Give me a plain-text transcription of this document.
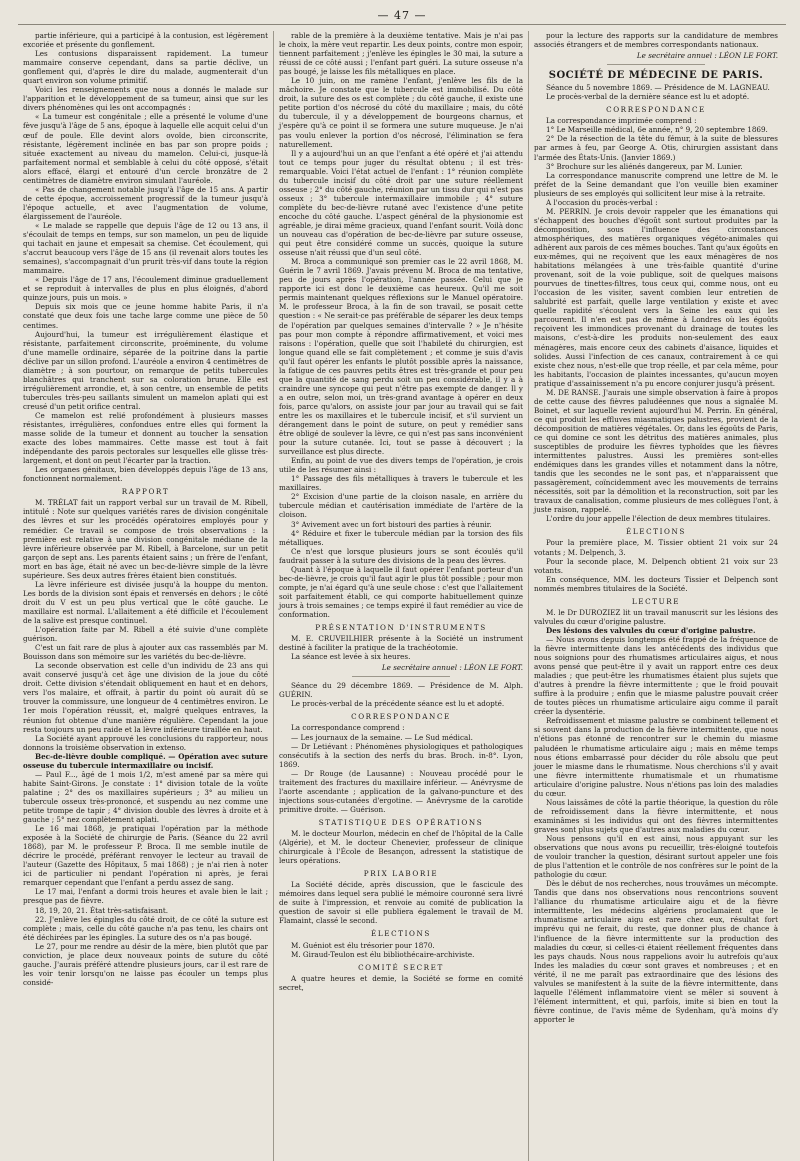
— 47 —

partie inférieure, qui a participé à la contusion, est légèrement excoriée et présente du gonflement.

Les contusions disparaissent rapidement. La tumeur mammaire conserve cependant, dans sa partie déclive, un gonflement qui, d'après le dire du malade, augmenterait d'un quart environ son volume primitif.

Voici les renseignements que nous a donnés le malade sur l'apparition et le développement de sa tumeur, ainsi que sur les divers phénomènes qui les ont accompagnés :

« La tumeur est congénitale ; elle a présenté le volume d'une fève jusqu'à l'âge de 5 ans, époque à laquelle elle acquit celui d'un œuf de poule. Elle devint alors ovoïde, bien circonscrite, résistante, légèrement inclinée en bas par son propre poids ; située exactement au niveau du mamelon. Celui-ci, jusque-là parfaitement normal et semblable à celui du côté opposé, s'était alors effacé, élargi et entouré d'un cercle bronzâtre de 2 centimètres de diamètre environ simulant l'auréole.

« Pas de changement notable jusqu'à l'âge de 15 ans. A partir de cette époque, accroissement progressif de la tumeur jusqu'à l'époque actuelle, et avec l'augmentation de volume, élargissement de l'auréole.

« Le malade se rappelle que depuis l'âge de 12 ou 13 ans, il s'écoulait de temps en temps, sur son mamelon, un peu de liquide qui tachait en jaune et empesait sa chemise. Cet écoulement, qui s'accrut beaucoup vers l'âge de 15 ans (il revenait alors toutes les semaines), s'accompagnait d'un prurit très-vif dans toute la région mammaire.

« Depuis l'âge de 17 ans, l'écoulement diminue graduellement et se reproduit à intervalles de plus en plus éloignés, d'abord quinze jours, puis un mois. »

Depuis six mois que ce jeune homme habite Paris, il n'a constaté que deux fois une tache large comme une pièce de 50 centimes.

Aujourd'hui, la tumeur est irrégulièrement élastique et résistante, parfaitement circonscrite, proéminente, du volume d'une mamelle ordinaire, séparée de la poitrine dans la partie déclive par un sillon profond. L'auréole a environ 4 centimètres de diamètre ; à son pourtour, on remarque de petits tubercules blanchâtres qui tranchent sur sa coloration brune. Elle est irrégulièrement arrondie, et, à son centre, un ensemble de petits tubercules très-peu saillants simulent un mamelon aplati qui est creusé d'un petit orifice central.

Ce mamelon est relié profondément à plusieurs masses résistantes, irrégulières, confondues entre elles qui forment la masse solide de la tumeur et donnent au toucher la sensation exacte des lobes mammaires. Cette masse est tout à fait indépendante des parois pectorales sur lesquelles elle glisse très-largement, et dont on peut l'écarter par la traction.

Les organes génitaux, bien développés depuis l'âge de 13 ans, fonctionnent normalement.

RAPPORT

M. TRÉLAT fait un rapport verbal sur un travail de M. Ribell, intitulé : Note sur quelques variétés rares de division congénitale des lèvres et sur les procédés opératoires employés pour y remédier. Ce travail se compose de trois observations : la première est relative à une division congénitale médiane de la lèvre inférieure observée par M. Ribell, à Barcelone, sur un petit garçon de sept ans. Les parents étaient sains ; un frère de l'enfant, mort en bas âge, était né avec un bec-de-lièvre simple de la lèvre supérieure. Ses deux autres frères étaient bien constitués.

La lèvre inférieure est divisée jusqu'à la houppe du menton. Les bords de la division sont épais et renversés en dehors ; le côté droit du V est un peu plus vertical que le côté gauche. Le maxillaire est normal. L'allaitement a été difficile et l'écoulement de la salive est presque continuel.

L'opération faite par M. Ribell a été suivie d'une complète guérison.

C'est un fait rare de plus à ajouter aux cas rassemblés par M. Bouisson dans son mémoire sur les variétés du bec-de-lièvre.

La seconde observation est celle d'un individu de 23 ans qui avait conservé jusqu'à cet âge une division de la joue du côté droit. Cette division s'étendait obliquement en haut et en dehors, vers l'os malaire, et offrait, à partir du point où aurait dû se trouver la commissure, une longueur de 4 centimètres environ. Le 1er mois l'opération réussit, et, malgré quelques entraves, la réunion fut obtenue d'une manière régulière. Cependant la joue resta toujours un peu raide et la lèvre inférieure tiraillée en haut.

La Société ayant approuvé les conclusions du rapporteur, nous donnons la troisième observation in extenso.

Bec-de-lièvre double compliqué. — Opération avec suture osseuse du tubercule intermaxillaire ou incisif.

— Paul F..., âgé de 1 mois 1/2, m'est amené par sa mère qui habite Saint-Girons. Je constate : 1° division totale de la voûte palatine ; 2° des os maxillaires supérieurs ; 3° au milieu un tubercule osseux très-prononcé, et suspendu au nez comme une petite trompe de tapir ; 4° division double des lèvres à droite et à gauche ; 5° nez complètement aplati.

Le 16 mai 1868, je pratiquai l'opération par la méthode exposée à la Société de chirurgie de Paris. (Séance du 22 avril 1868), par M. le professeur P. Broca. Il me semble inutile de décrire le procédé, préférant renvoyer le lecteur au travail de l'auteur (Gazette des Hôpitaux, 5 mai 1868) ; je n'ai rien à noter ici de particulier ni pendant l'opération ni après, je ferai remarquer cependant que l'enfant a perdu assez de sang.

Le 17 mai, l'enfant a dormi trois heures et avale bien le lait ; presque pas de fièvre.

18, 19, 20, 21. État très-satisfaisant.

22. J'enlève les épingles du côté droit, de ce côté la suture est complète ; mais, celle du côté gauche n'a pas tenu, les chairs ont été déchirées par les épingles. La suture des os n'a pas bougé.

Le 27, pour me rendre au désir de la mère, bien plutôt que par conviction, je place deux nouveaux points de suture du côté gauche. J'aurais préféré attendre plusieurs jours, car il est rare de les voir tenir lorsqu'on ne laisse pas écouler un temps plus considé-

rable de la première à la deuxième tentative. Mais je n'ai pas le choix, la mère veut repartir. Les deux points, contre mon espoir, tiennent parfaitement ; j'enlève les épingles le 30 mai, la suture a réussi de ce côté aussi ; l'enfant part guéri. La suture osseuse n'a pas bougé, je laisse les fils métalliques en place.

Le 10 juin, on me ramène l'enfant, j'enlève les fils de la mâchoire. Je constate que le tubercule est immobilisé. Du côté droit, la suture des os est complète ; du côté gauche, il existe une petite portion d'os nécrosé du côté du maxillaire ; mais, du côté du tubercule, il y a développement de bourgeons charnus, et j'espère qu'à ce point il se formera une suture muqueuse. Je n'ai pas voulu enlever la portion d'os nécrosé, l'élimination se fera naturellement.

Il y a aujourd'hui un an que l'enfant a été opéré et j'ai attendu tout ce temps pour juger du résultat obtenu ; il est très-remarquable. Voici l'état actuel de l'enfant : 1° réunion complète du tubercule incisif du côté droit par une suture réellement osseuse ; 2° du côté gauche, réunion par un tissu dur qui n'est pas osseux ; 3° tubercule intermaxillaire immobile ; 4° suture complète du bec-de-lièvre rutané avec l'existence d'une petite encoche du côté gauche. L'aspect général de la physionomie est agréable, je dirai même gracieux, quand l'enfant sourit. Voilà donc un nouveau cas d'opération de bec-de-lièvre par suture osseuse, qui peut être considéré comme un succès, quoique la suture osseuse n'ait réussi que d'un seul côté.

M. Broca a communiqué son premier cas le 22 avril 1868, M. Guérin le 7 avril 1869. J'avais prévenu M. Broca de ma tentative, peu de jours après l'opération, l'année passée. Celui que je rapporte ici est donc le deuxième cas heureux. Qu'il me soit permis maintenant quelques réflexions sur le Manuel opératoire. M. le professeur Broca, à la fin de son travail, se posait cette question : « Ne serait-ce pas préférable de séparer les deux temps de l'opération par quelques semaines d'intervalle ? » Je n'hésite pas pour mon compte à répondre affirmativement, et voici mes raisons : l'opération, quelle que soit l'habileté du chirurgien, est longue quand elle se fait complètement ; et comme je suis d'avis qu'il faut opérer les enfants le plutôt possible après la naissance, la fatigue de ces pauvres petits êtres est très-grande et pour peu que la quantité de sang perdu soit un peu considérable, il y a à craindre une syncope qui peut n'être pas exempte de danger. Il y a en outre, selon moi, un très-grand avantage à opérer en deux fois, parce qu'alors, on assiste jour par jour au travail qui se fait entre les os maxillaires et le tubercule incisif, et s'il survient un dérangement dans le point de suture, on peut y remédier sans être obligé de soulever la lèvre, ce qui n'est pas sans inconvénient pour la suture cutanée. Ici, tout se passe à découvert ; la surveillance est plus directe.

Enfin, au point de vue des divers temps de l'opération, je crois utile de les résumer ainsi :

1° Passage des fils métalliques à travers le tubercule et les maxillaires.

2° Excision d'une partie de la cloison nasale, en arrière du tubercule médian et cautérisation immédiate de l'artère de la cloison.

3° Avivement avec un fort bistouri des parties à réunir.

4° Réduire et fixer le tubercule médian par la torsion des fils métalliques.

Ce n'est que lorsque plusieurs jours se sont écoulés qu'il faudrait passer à la suture des divisions de la peau des lèvres.

Quant à l'époque à laquelle il faut opérer l'enfant porteur d'un bec-de-lièvre, je crois qu'il faut agir le plus tôt possible ; pour mon compte, je n'ai égard qu'à une seule chose : c'est que l'allaitement soit parfaitement établi, ce qui comporte habituellement quinze jours à trois semaines ; ce temps expiré il faut remédier au vice de conformation.

PRÉSENTATION D'INSTRUMENTS

M. E. CRUVEILHIER présente à la Société un instrument destiné à faciliter la pratique de la trachéotomie.

La séance est levée à six heures.

Le secrétaire annuel : LÉON LE FORT.

Séance du 29 décembre 1869. — Présidence de M. Alph. GUÉRIN.

Le procès-verbal de la précédente séance est lu et adopté.

CORRESPONDANCE

La correspondance comprend :

— Les journaux de la semaine. — Le Sud médical.

— Dr Letiévant : Phénomènes physiologiques et pathologiques consécutifs à la section des nerfs du bras. Broch. in-8°. Lyon, 1869.

— Dr Rouge (de Lausanne) : Nouveau procédé pour le traitement des fractures du maxillaire inférieur. — Anévrysme de l'aorte ascendante ; application de la galvano-puncture et des injections sous-cutanées d'ergotine. — Anévrysme de la carotide primitive droite. — Guérison.

STATISTIQUE DES OPÉRATIONS

M. le docteur Mourlon, médecin en chef de l'hôpital de la Calle (Algérie), et M. le docteur Chenevier, professeur de clinique chirurgicale à l'École de Besançon, adressent la statistique de leurs opérations.

PRIX LABORIE

La Société décide, après discussion, que le fascicule des mémoires dans lequel sera publié le mémoire couronné sera livré de suite à l'impression, et renvoie au comité de publication la question de savoir si elle publiera également le travail de M. Flamaint, classé le second.

ÉLECTIONS

M. Guéniot est élu trésorier pour 1870.

M. Giraud-Teulon est élu bibliothécaire-archiviste.

COMITÉ SECRET

A quatre heures et demie, la Société se forme en comité secret,

pour la lecture des rapports sur la candidature de membres associés étrangers et de membres correspondants nationaux.

Le secrétaire annuel : LÉON LE FORT.

SOCIÉTÉ DE MÉDECINE DE PARIS.

Séance du 5 novembre 1869. — Présidence de M. LAGNEAU.

Le procès-verbal de la dernière séance est lu et adopté.

CORRESPONDANCE

La correspondance imprimée comprend :

1° Le Marseille médical, 6e année, n° 9, 20 septembre 1869.

2° De la résection de la tête du fémur, à la suite de blessures par armes à feu, par George A. Otis, chirurgien assistant dans l'armée des États-Unis. (Janvier 1869.)

3° Brochure sur les aliénés dangereux, par M. Lunier.

La correspondance manuscrite comprend une lettre de M. le préfet de la Seine demandant que l'on veuille bien examiner plusieurs de ses employés qui sollicitent leur mise à la retraite.

A l'occasion du procès-verbal :

M. PERRIN. Je crois devoir rappeler que les émanations qui s'échappent des bouches d'égoût sont surtout produites par la décomposition, sous l'influence des circonstances atmosphériques, des matières organiques végéto-animales qui adhèrent aux parois de ces mêmes bouches. Tant qu'aux égoûts en eux-mêmes, qui ne reçoivent que les eaux ménagères de nos habitations mélangées à une très-faible quantité d'urine provenant, soit de la voie publique, soit de quelques maisons pourvues de tinettes-filtres, tous ceux qui, comme nous, ont eu l'occasion de les visiter, savent combien leur entretien de salubrité est parfait, quelle large ventilation y existe et avec quelle rapidité s'écoulent vers la Seine les eaux qui les parcourent. Il n'en est pas de même à Londres où les égoûts reçoivent les immondices provenant du drainage de toutes les maisons, c'est-à-dire les produits non-seulement des eaux ménagères, mais encore ceux des cabinets d'aisance, liquides et solides. Aussi l'infection de ces canaux, contrairement à ce qui existe chez nous, n'est-elle que trop réelle, et par cela même, pour les habitants, l'occasion de plaintes incessantes, qu'aucun moyen pratique d'assainissement n'a pu encore conjurer jusqu'à présent.

M. DE RANSE. J'aurais une simple observation à faire à propos de cette cause des fièvres paludéennes que nous a signalée M. Boinet, et sur laquelle revient aujourd'hui M. Perrin. En général, ce qui produit les effluves miasmatiques palustres, provient de la décomposition de matières végétales. Or, dans les égoûts de Paris, ce qui domine ce sont les détritus des matières animales, plus susceptibles de produire les fièvres typhoïdes que les fièvres intermittentes palustres. Aussi les premières sont-elles endémiques dans les grandes villes et notamment dans la nôtre, tandis que les secondes ne le sont pas, et n'apparaissent que passagèrement, coïncidemment avec les mouvements de terrains nécessités, soit par la démolition et la reconstruction, soit par les travaux de canalisation, comme plusieurs de mes collègues l'ont, à juste raison, rappelé.

L'ordre du jour appelle l'élection de deux membres titulaires.

ÉLECTIONS

Pour la première place, M. Tissier obtient 21 voix sur 24 votants ; M. Delpench, 3.

Pour la seconde place, M. Delpench obtient 21 voix sur 23 votants.

En conséquence, MM. les docteurs Tissier et Delpench sont nommés membres titulaires de la Société.

LECTURE

M. le Dr DUROZIEZ lit un travail manuscrit sur les lésions des valvules du cœur d'origine palustre.

Des lésions des valvules du cœur d'origine palustre.

— Nous avons depuis longtemps été frappé de la fréquence de la fièvre intermittente dans les antécédents des individus que nous soignions pour des rhumatismes articulaires aigus, et nous avons pensé que peut-être il y avait un rapport entre ces deux maladies ; que peut-être les rhumatismes étaient plus sujets que d'autres à prendre la fièvre intermittente ; que le froid pouvait suffire à la produire ; enfin que le miasme palustre pouvait créer de toutes pièces un rhumatisme articulaire aigu comme il paraît créer la dysentérie.

Refroidissement et miasme palustre se combinent tellement et si souvent dans la production de la fièvre intermittente, que nous n'étions pas étonné de rencontrer sur le chemin du miasme paludéen le rhumatisme articulaire aigu ; mais en même temps nous étions embarrassé pour décider du rôle absolu que peut jouer le miasme dans le rhumatisme. Nous cherchions s'il y avait une fièvre intermittente rhumatismale et un rhumatisme articulaire d'origine palustre. Nous n'étions pas loin des maladies du cœur.

Nous laissâmes de côté la partie théorique, la question du rôle de refroidissement dans la fièvre intermittente, et nous examinâmes si les individus qui ont des fièvres intermittentes graves sont plus sujets que d'autres aux maladies du cœur.

Nous pensons qu'il en est ainsi, nous appuyant sur les observations que nous avons pu recueillir, très-éloigné toutefois de vouloir trancher la question, désirant surtout appeler une fois de plus l'attention et le contrôle de nos confrères sur le point de la pathologie du cœur.

Dès le début de nos recherches, nous trouvâmes un mécompte. Tandis que dans nos observations nous rencontrions souvent l'alliance du rhumatisme articulaire aigu et de la fièvre intermittente, les médecins algériens proclamaient que le rhumatisme articulaire aigu est rare chez eux, résultat fort imprévu qui ne ferait, du reste, que donner plus de chance à l'influence de la fièvre intermittente sur la production des maladies du cœur, si celles-ci étaient réellement fréquentes dans les pays chauds. Nous nous rappelions avoir lu autrefois qu'aux Indes les maladies du cœur sont graves et nombreuses ; et en vérité, il ne me paraît pas extraordinaire que des lésions des valvules se manifestent à la suite de la fièvre intermittente, dans laquelle l'élément inflammatoire vient se mêler si souvent à l'élément intermittent, et qui, parfois, imite si bien en tout la fièvre continue, de l'avis même de Sydenham, qu'à moins d'y apporter le
